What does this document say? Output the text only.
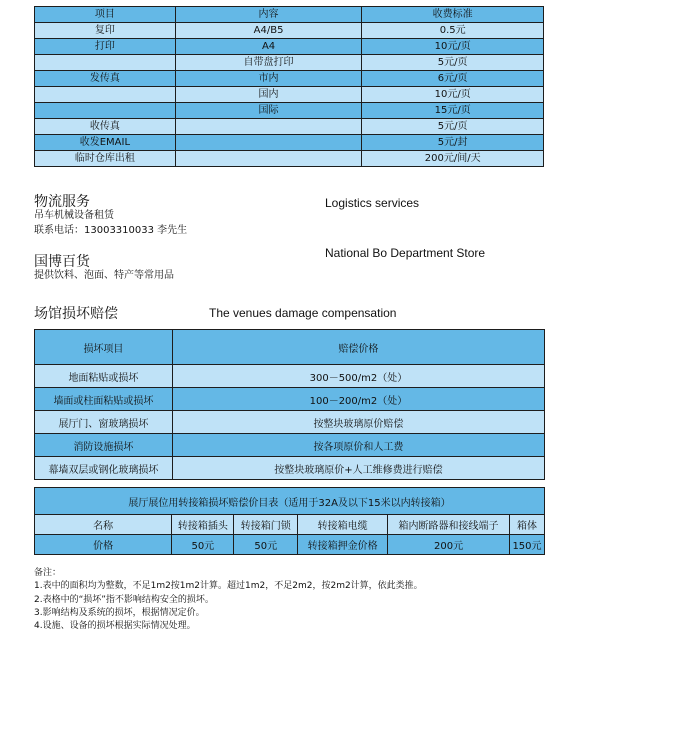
项目	内容	收费标准
复印	A4/B5	0.5元
打印	A4	10元/页
	自带盘打印	5元/页
发传真	市内	6元/页
	国内	10元/页
	国际	15元/页
收传真		5元/页
收发EMAIL		5元/封
临时仓库出租		200元/间/天
物流服务
吊车机械设备租赁
联系电话：13003310033 李先生
Logistics services
国博百货
提供饮料、泡面、特产等常用品
National Bo Department Store
场馆损坏赔偿	The venues damage compensation
损坏项目	赔偿价格
地面粘贴或损坏	300－500/m2（处）
墙面或柱面粘贴或损坏	100－200/m2（处）
展厅门、窗玻璃损坏	按整块玻璃原价赔偿
消防设施损坏	按各项原价和人工费
幕墙双层或钢化玻璃损坏	按整块玻璃原价+人工维修费进行赔偿
展厅展位用转接箱损坏赔偿价目表（适用于32A及以下15米以内转接箱）					
名称	转接箱插头	转接箱门锁	转接箱电缆	箱内断路器和接线端子	箱体
价格	50元	50元	转接箱押金价格	200元	150元
备注：
1.表中的面积均为整数，不足1m2按1m2计算。超过1m2，不足2m2，按2m2计算，依此类推。
2.表格中的“损坏”指不影响结构安全的损坏。
3.影响结构及系统的损坏，根据情况定价。
4.设施、设备的损坏根据实际情况处理。
